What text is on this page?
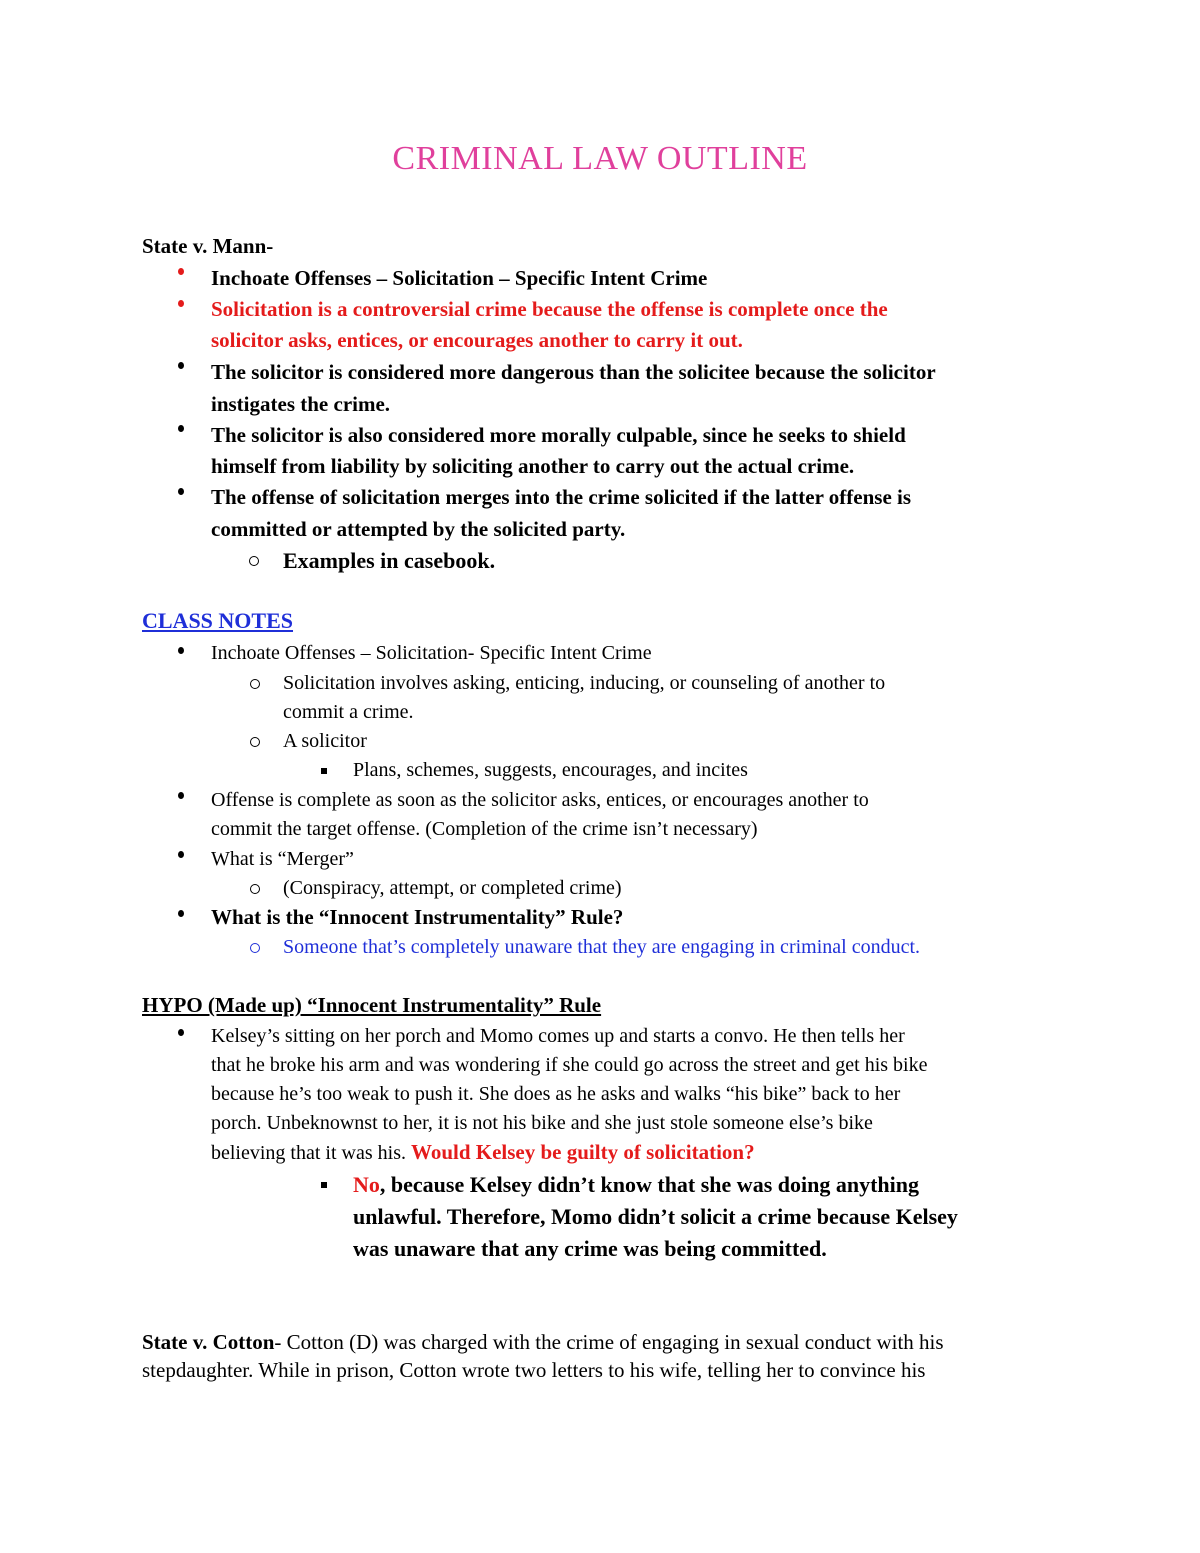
CRIMINAL LAW OUTLINE
State v. Mann-
Inchoate Offenses – Solicitation – Specific Intent Crime
Solicitation is a controversial crime because the offense is complete once the
solicitor asks, entices, or encourages another to carry it out.
The solicitor is considered more dangerous than the solicitee because the solicitor
instigates the crime.
The solicitor is also considered more morally culpable, since he seeks to shield
himself from liability by soliciting another to carry out the actual crime.
The offense of solicitation merges into the crime solicited if the latter offense is
committed or attempted by the solicited party.
Examples in casebook.
CLASS NOTES
Inchoate Offenses – Solicitation- Specific Intent Crime
Solicitation involves asking, enticing, inducing, or counseling of another to
commit a crime.
A solicitor
Plans, schemes, suggests, encourages, and incites
Offense is complete as soon as the solicitor asks, entices, or encourages another to
commit the target offense. (Completion of the crime isn’t necessary)
What is “Merger”
(Conspiracy, attempt, or completed crime)
What is the “Innocent Instrumentality” Rule?
Someone that’s completely unaware that they are engaging in criminal conduct.
HYPO (Made up) “Innocent Instrumentality” Rule
Kelsey’s sitting on her porch and Momo comes up and starts a convo. He then tells her
that he broke his arm and was wondering if she could go across the street and get his bike
because he’s too weak to push it. She does as he asks and walks “his bike” back to her
porch. Unbeknownst to her, it is not his bike and she just stole someone else’s bike
believing that it was his. Would Kelsey be guilty of solicitation?
No, because Kelsey didn’t know that she was doing anything
unlawful. Therefore, Momo didn’t solicit a crime because Kelsey
was unaware that any crime was being committed.
State v. Cotton- Cotton (D) was charged with the crime of engaging in sexual conduct with his
stepdaughter. While in prison, Cotton wrote two letters to his wife, telling her to convince his
